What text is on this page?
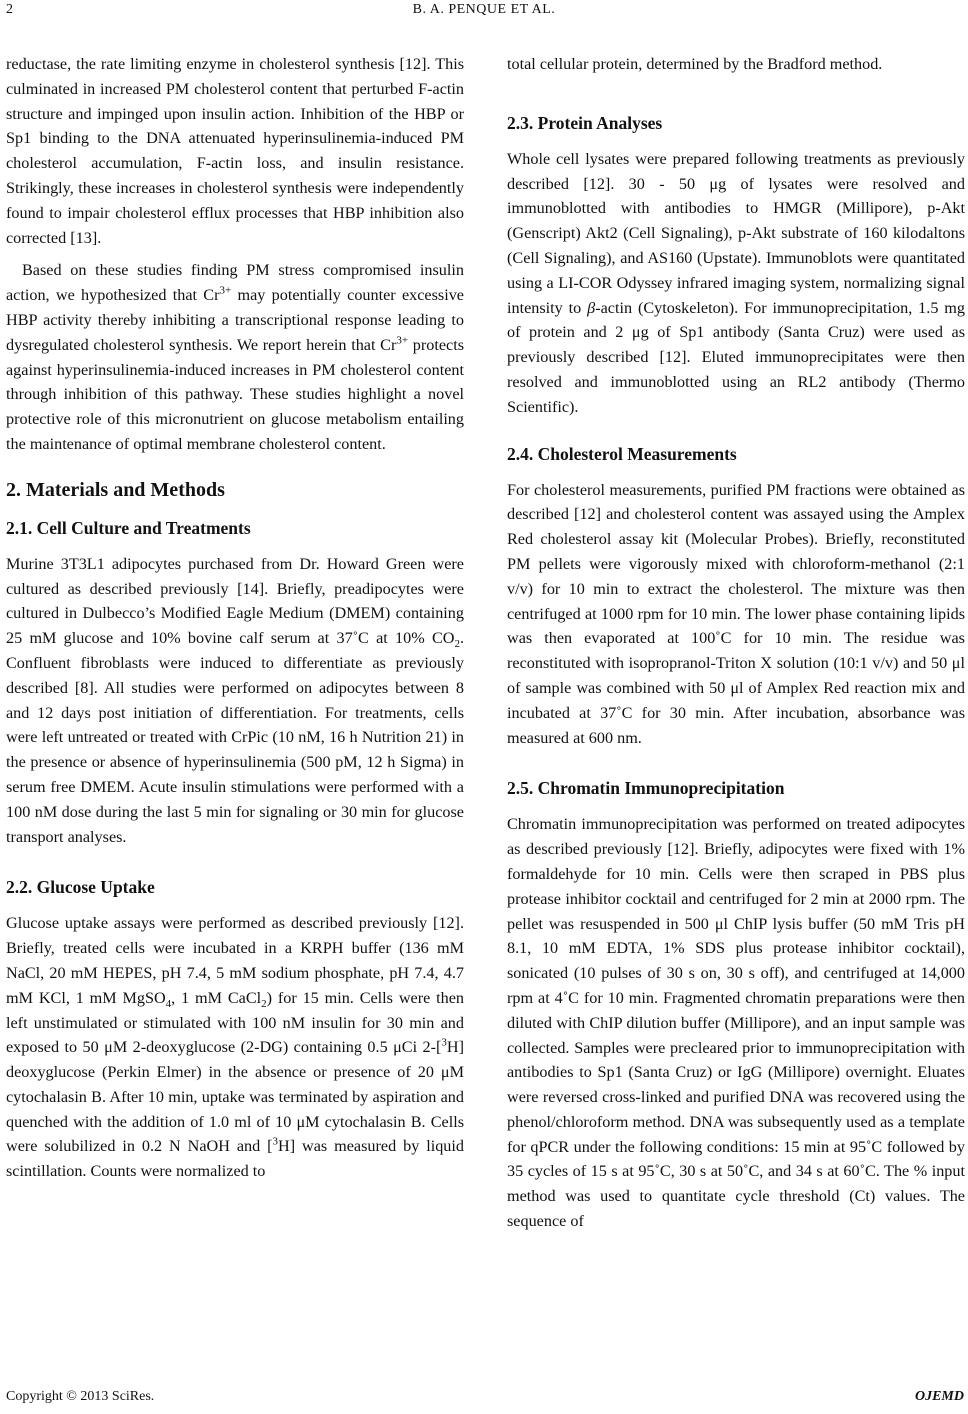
2	B. A. PENQUE ET AL.

reductase, the rate limiting enzyme in cholesterol synthesis [12]. This culminated in increased PM cholesterol content that perturbed F-actin structure and impinged upon insulin action. Inhibition of the HBP or Sp1 binding to the DNA attenuated hyperinsulinemia-induced PM cholesterol accumulation, F-actin loss, and insulin resistance. Strikingly, these increases in cholesterol synthesis were independently found to impair cholesterol efflux processes that HBP inhibition also corrected [13].

Based on these studies finding PM stress compromised insulin action, we hypothesized that $Cr^{3+}$ may potentially counter excessive HBP activity thereby inhibiting a transcriptional response leading to dysregulated cholesterol synthesis. We report herein that $Cr^{3+}$ protects against hyperinsulinemia-induced increases in PM cholesterol content through inhibition of this pathway. These studies highlight a novel protective role of this micronutrient on glucose metabolism entailing the maintenance of optimal membrane cholesterol content.

2. Materials and Methods
2.1. Cell Culture and Treatments

Murine 3T3L1 adipocytes purchased from Dr. Howard Green were cultured as described previously [14]. Briefly, preadipocytes were cultured in Dulbecco’s Modified Eagle Medium (DMEM) containing 25 mM glucose and 10% bovine calf serum at 37˚C at 10% $CO_2$. Confluent fibroblasts were induced to differentiate as previously described [8]. All studies were performed on adipocytes between 8 and 12 days post initiation of differentiation. For treatments, cells were left untreated or treated with CrPic (10 nM, 16 h Nutrition 21) in the presence or absence of hyperinsulinemia (500 pM, 12 h Sigma) in serum free DMEM. Acute insulin stimulations were performed with a 100 nM dose during the last 5 min for signaling or 30 min for glucose transport analyses.

2.2. Glucose Uptake

Glucose uptake assays were performed as described previously [12]. Briefly, treated cells were incubated in a KRPH buffer (136 mM NaCl, 20 mM HEPES, pH 7.4, 5 mM sodium phosphate, pH 7.4, 4.7 mM KCl, 1 mM MgSO$_4$, 1 mM CaCl$_2$) for 15 min. Cells were then left unstimulated or stimulated with 100 nM insulin for 30 min and exposed to 50 μM 2-deoxyglucose (2-DG) containing 0.5 μCi 2-[$^3$H] deoxyglucose (Perkin Elmer) in the absence or presence of 20 μM cytochalasin B. After 10 min, uptake was terminated by aspiration and quenched with the addition of 1.0 ml of 10 μM cytochalasin B. Cells were solubilized in 0.2 N NaOH and [$^3$H] was measured by liquid scintillation. Counts were normalized to

total cellular protein, determined by the Bradford method.

2.3. Protein Analyses

Whole cell lysates were prepared following treatments as previously described [12]. 30 - 50 μg of lysates were resolved and immunoblotted with antibodies to HMGR (Millipore), p-Akt (Genscript) Akt2 (Cell Signaling), p-Akt substrate of 160 kilodaltons (Cell Signaling), and AS160 (Upstate). Immunoblots were quantitated using a LI-COR Odyssey infrared imaging system, normalizing signal intensity to β-actin (Cytoskeleton). For immunoprecipitation, 1.5 mg of protein and 2 μg of Sp1 antibody (Santa Cruz) were used as previously described [12]. Eluted immunoprecipitates were then resolved and immunoblotted using an RL2 antibody (Thermo Scientific).

2.4. Cholesterol Measurements

For cholesterol measurements, purified PM fractions were obtained as described [12] and cholesterol content was assayed using the Amplex Red cholesterol assay kit (Molecular Probes). Briefly, reconstituted PM pellets were vigorously mixed with chloroform-methanol (2:1 v/v) for 10 min to extract the cholesterol. The mixture was then centrifuged at 1000 rpm for 10 min. The lower phase containing lipids was then evaporated at 100˚C for 10 min. The residue was reconstituted with isopropranol-Triton X solution (10:1 v/v) and 50 μl of sample was combined with 50 μl of Amplex Red reaction mix and incubated at 37˚C for 30 min. After incubation, absorbance was measured at 600 nm.

2.5. Chromatin Immunoprecipitation

Chromatin immunoprecipitation was performed on treated adipocytes as described previously [12]. Briefly, adipocytes were fixed with 1% formaldehyde for 10 min. Cells were then scraped in PBS plus protease inhibitor cocktail and centrifuged for 2 min at 2000 rpm. The pellet was resuspended in 500 μl ChIP lysis buffer (50 mM Tris pH 8.1, 10 mM EDTA, 1% SDS plus protease inhibitor cocktail), sonicated (10 pulses of 30 s on, 30 s off), and centrifuged at 14,000 rpm at 4˚C for 10 min. Fragmented chromatin preparations were then diluted with ChIP dilution buffer (Millipore), and an input sample was collected. Samples were precleared prior to immunoprecipitation with antibodies to Sp1 (Santa Cruz) or IgG (Millipore) overnight. Eluates were reversed cross-linked and purified DNA was recovered using the phenol/chloroform method. DNA was subsequently used as a template for qPCR under the following conditions: 15 min at 95˚C followed by 35 cycles of 15 s at 95˚C, 30 s at 50˚C, and 34 s at 60˚C. The % input method was used to quantitate cycle threshold (Ct) values. The sequence of

Copyright © 2013 SciRes.	OJEMD
